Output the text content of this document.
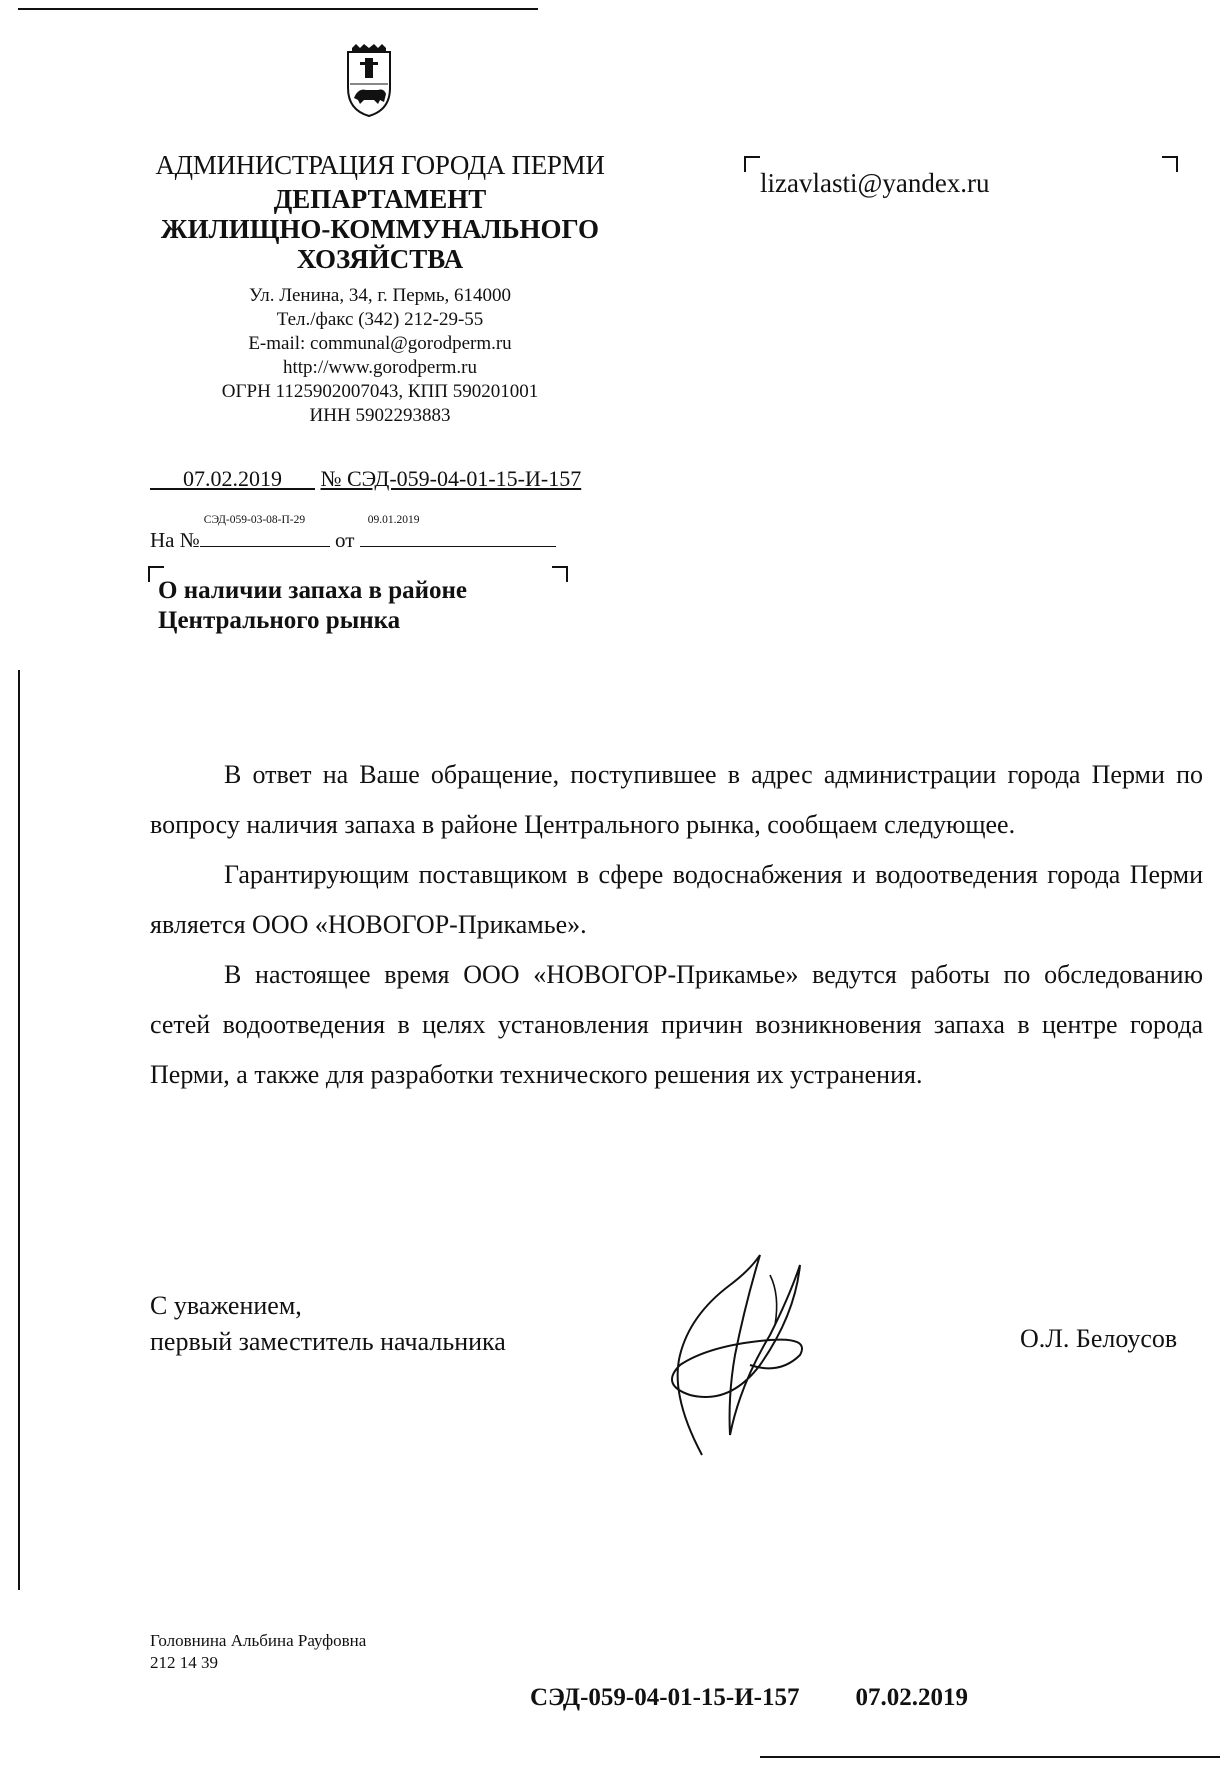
АДМИНИСТРАЦИЯ ГОРОДА ПЕРМИ
ДЕПАРТАМЕНТ
ЖИЛИЩНО-КОММУНАЛЬНОГО
ХОЗЯЙСТВА
Ул. Ленина, 34, г. Пермь, 614000
Тел./факс (342) 212-29-55
E-mail: communal@gorodperm.ru
http://www.gorodperm.ru
ОГРН 1125902007043, КПП 590201001
ИНН 5902293883
lizavlasti@yandex.ru
07.02.2019 № СЭД-059-04-01-15-И-157
На №
СЭД-059-03-08-П-29
от
09.01.2019
О наличии запаха в районе
Центрального рынка

В ответ на Ваше обращение, поступившее в адрес администрации города Перми по вопросу наличия запаха в районе Центрального рынка, сообщаем следующее.

Гарантирующим поставщиком в сфере водоснабжения и водоотведения города Перми является ООО «НОВОГОР-Прикамье».

В настоящее время ООО «НОВОГОР-Прикамье» ведутся работы по обследованию сетей водоотведения в целях установления причин возникновения запаха в центре города Перми, а также для разработки технического решения их устранения.

С уважением,
первый заместитель начальника	О.Л. Белоусов
Головнина Альбина Рауфовна
212 14 39
СЭД-059-04-01-15-И-157 07.02.2019
